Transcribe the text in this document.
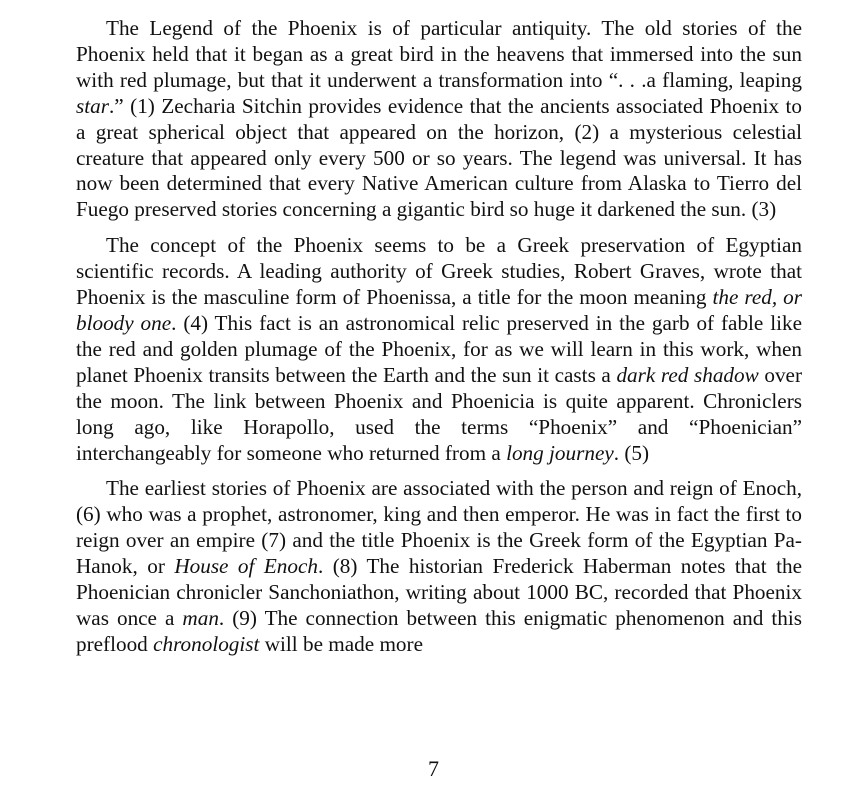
The Legend of the Phoenix is of particular antiquity. The old stories of the Phoenix held that it began as a great bird in the heavens that immersed into the sun with red plumage, but that it underwent a transformation into “. . .a flaming, leaping star.” (1) Zecharia Sitchin provides evidence that the ancients associated Phoenix to a great spherical object that appeared on the horizon, (2) a mysterious celestial creature that appeared only every 500 or so years. The legend was universal. It has now been determined that every Native American culture from Alaska to Tierro del Fuego preserved stories concerning a gigantic bird so huge it darkened the sun. (3)

The concept of the Phoenix seems to be a Greek preservation of Egyptian scientific records. A leading authority of Greek studies, Robert Graves, wrote that Phoenix is the masculine form of Phoenissa, a title for the moon meaning the red, or bloody one. (4) This fact is an astronomical relic preserved in the garb of fable like the red and golden plumage of the Phoenix, for as we will learn in this work, when planet Phoenix transits between the Earth and the sun it casts a dark red shadow over the moon. The link between Phoenix and Phoenicia is quite apparent. Chroniclers long ago, like Horapollo, used the terms “Phoenix” and “Phoenician” interchangeably for someone who returned from a long journey. (5)

The earliest stories of Phoenix are associated with the person and reign of Enoch, (6) who was a prophet, astronomer, king and then emperor. He was in fact the first to reign over an empire (7) and the title Phoenix is the Greek form of the Egyptian Pa-Hanok, or House of Enoch. (8) The historian Frederick Haberman notes that the Phoenician chronicler Sanchoniathon, writing about 1000 BC, recorded that Phoenix was once a man. (9) The connection between this enigmatic phenomenon and this preflood chronologist will be made more

7
